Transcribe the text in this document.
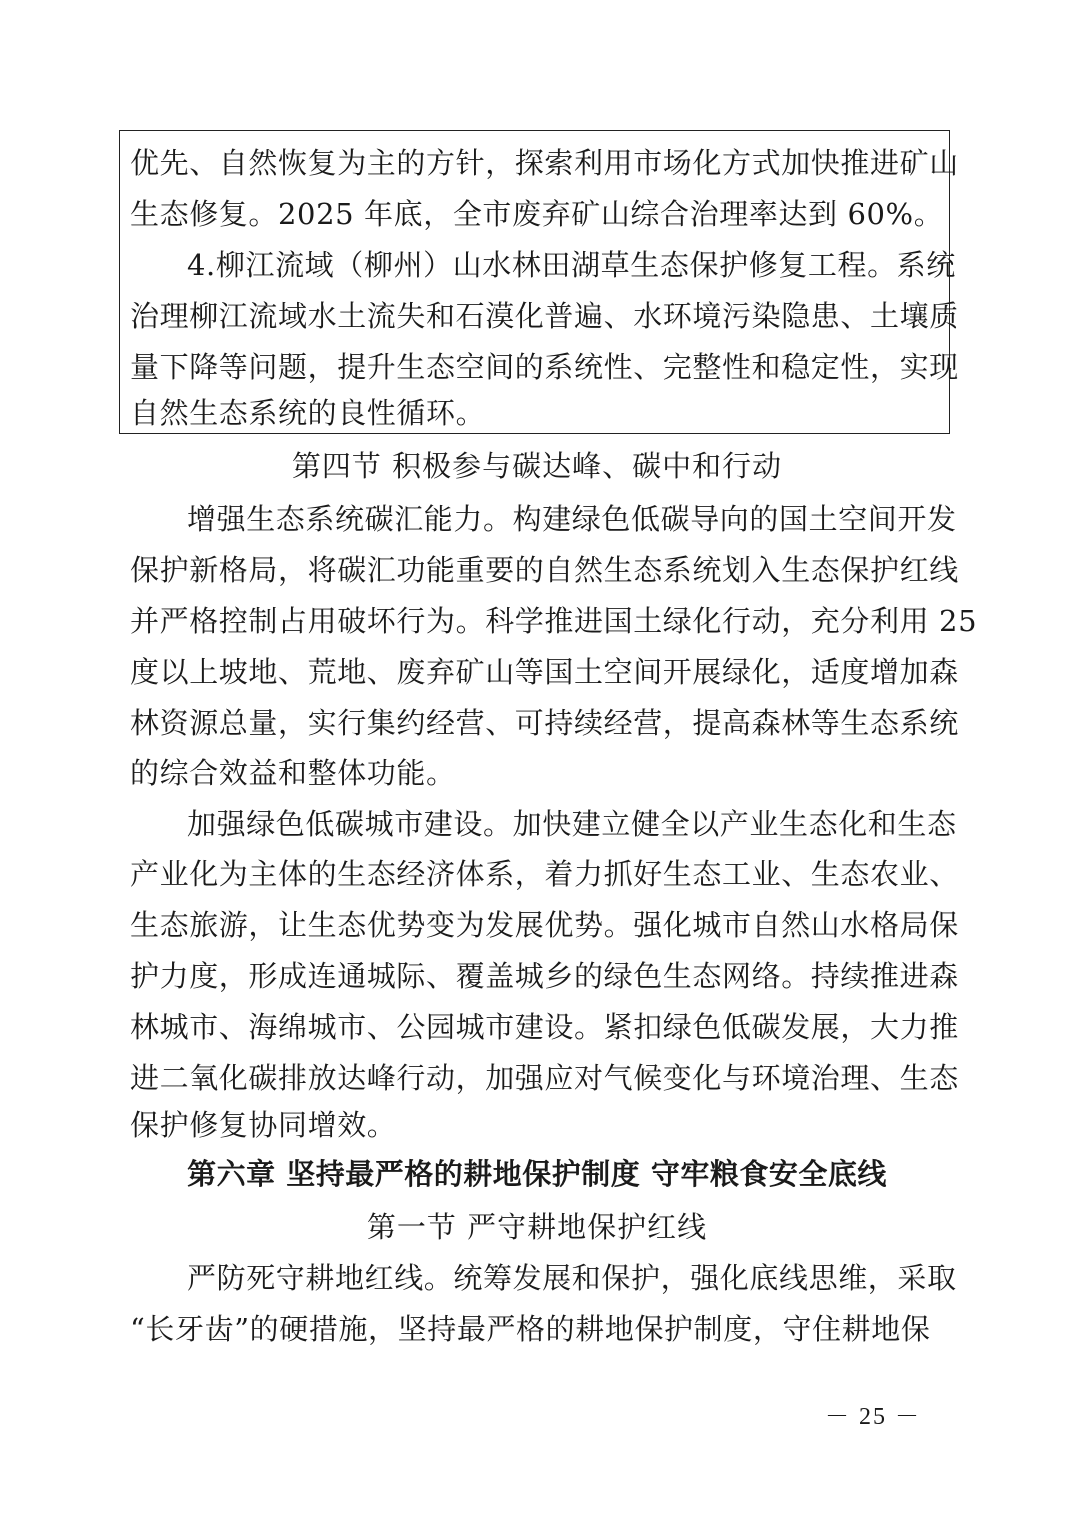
优先、自然恢复为主的方针，探索利用市场化方式加快推进矿山
生态修复。2025 年底，全市废弃矿山综合治理率达到 60%。
4.柳江流域（柳州）山水林田湖草生态保护修复工程。系统
治理柳江流域水土流失和石漠化普遍、水环境污染隐患、土壤质
量下降等问题，提升生态空间的系统性、完整性和稳定性，实现
自然生态系统的良性循环。
第四节 积极参与碳达峰、碳中和行动
增强生态系统碳汇能力。构建绿色低碳导向的国土空间开发
保护新格局，将碳汇功能重要的自然生态系统划入生态保护红线
并严格控制占用破坏行为。科学推进国土绿化行动，充分利用 25
度以上坡地、荒地、废弃矿山等国土空间开展绿化，适度增加森
林资源总量，实行集约经营、可持续经营，提高森林等生态系统
的综合效益和整体功能。
加强绿色低碳城市建设。加快建立健全以产业生态化和生态
产业化为主体的生态经济体系，着力抓好生态工业、生态农业、
生态旅游，让生态优势变为发展优势。强化城市自然山水格局保
护力度，形成连通城际、覆盖城乡的绿色生态网络。持续推进森
林城市、海绵城市、公园城市建设。紧扣绿色低碳发展，大力推
进二氧化碳排放达峰行动，加强应对气候变化与环境治理、生态
保护修复协同增效。
第六章 坚持最严格的耕地保护制度 守牢粮食安全底线
第一节 严守耕地保护红线
严防死守耕地红线。统筹发展和保护，强化底线思维，采取
“长牙齿”的硬措施，坚持最严格的耕地保护制度，守住耕地保
－ 25 －
